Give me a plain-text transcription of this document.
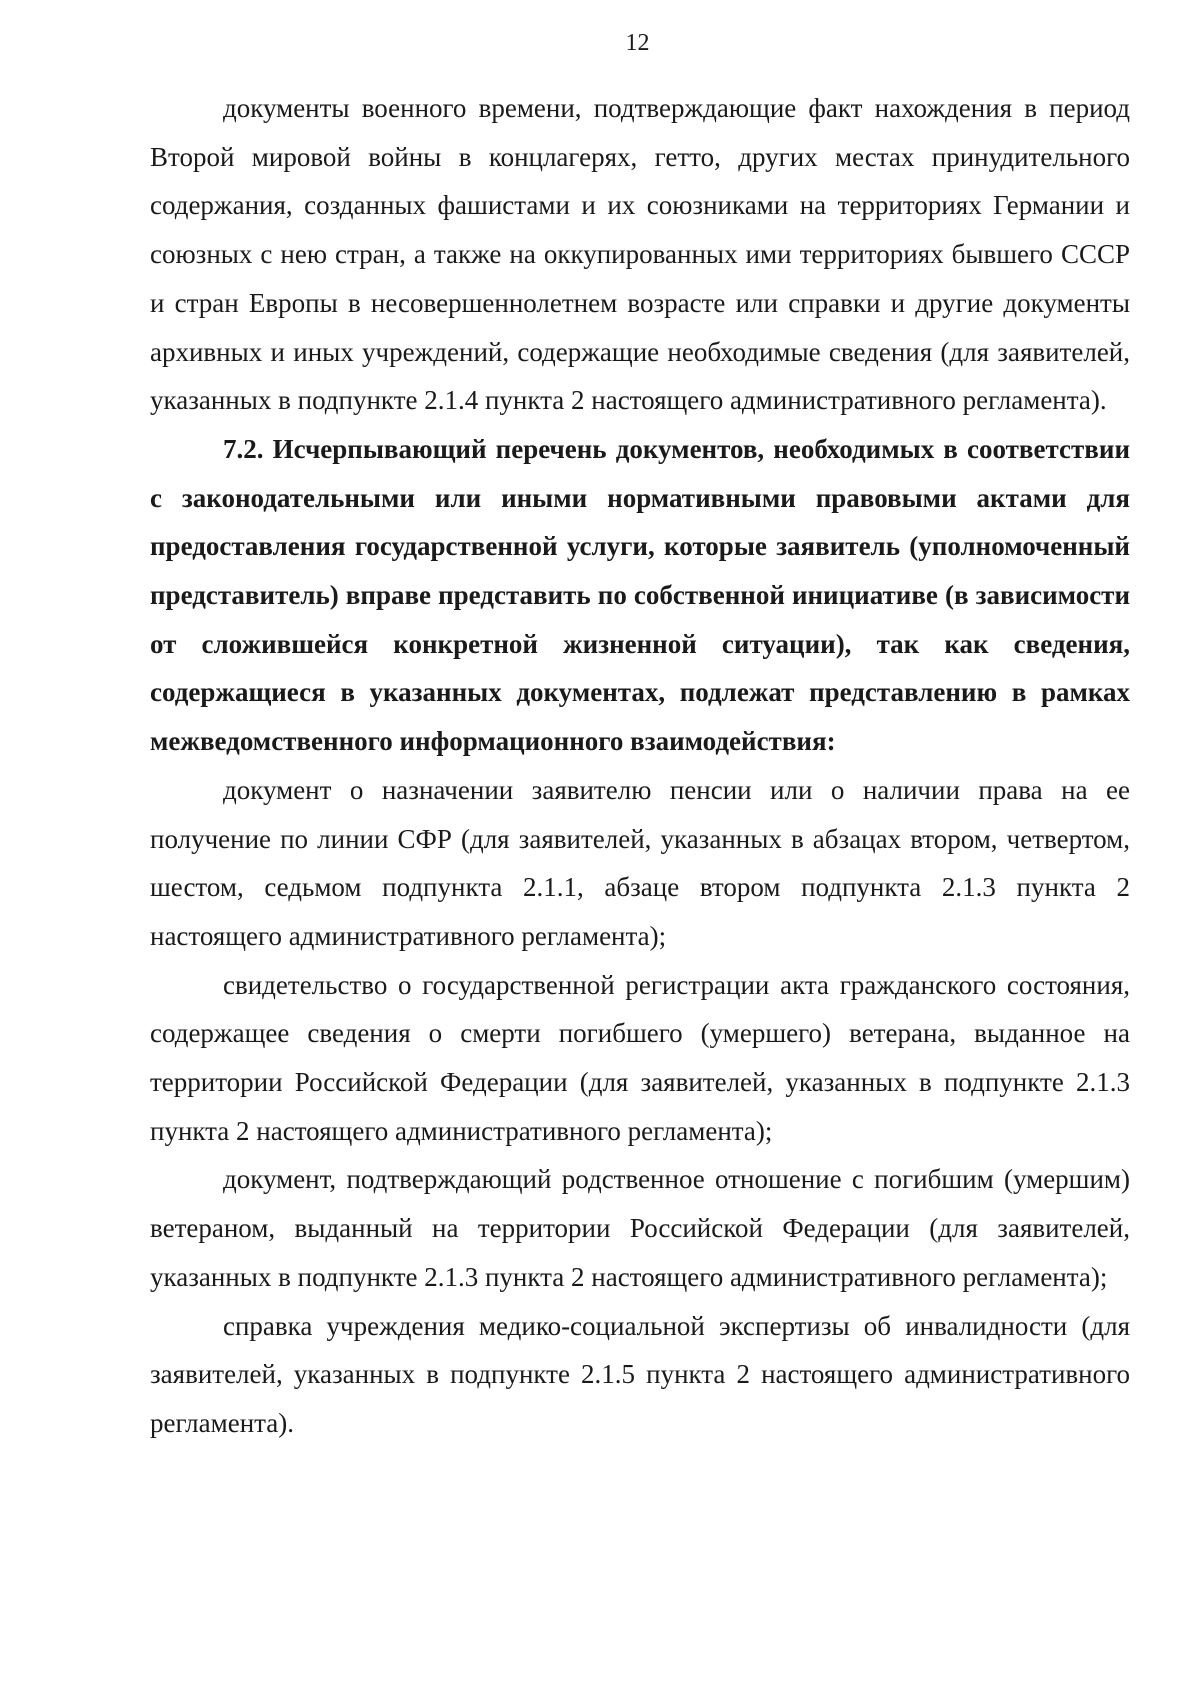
12

документы военного времени, подтверждающие факт нахождения в период Второй мировой войны в концлагерях, гетто, других местах принудительного содержания, созданных фашистами и их союзниками на территориях Германии и союзных с нею стран, а также на оккупированных ими территориях бывшего СССР и стран Европы в несовершеннолетнем возрасте или справки и другие документы архивных и иных учреждений, содержащие необходимые сведения (для заявителей, указанных в подпункте 2.1.4 пункта 2 настоящего административного регламента).

7.2. Исчерпывающий перечень документов, необходимых в соответствии с законодательными или иными нормативными правовыми актами для предоставления государственной услуги, которые заявитель (уполномоченный представитель) вправе представить по собственной инициативе (в зависимости от сложившейся конкретной жизненной ситуации), так как сведения, содержащиеся в указанных документах, подлежат представлению в рамках межведомственного информационного взаимодействия:

документ о назначении заявителю пенсии или о наличии права на ее получение по линии СФР (для заявителей, указанных в абзацах втором, четвертом, шестом, седьмом подпункта 2.1.1, абзаце втором подпункта 2.1.3 пункта 2 настоящего административного регламента);

свидетельство о государственной регистрации акта гражданского состояния, содержащее сведения о смерти погибшего (умершего) ветерана, выданное на территории Российской Федерации (для заявителей, указанных в подпункте 2.1.3 пункта 2 настоящего административного регламента);

документ, подтверждающий родственное отношение с погибшим (умершим) ветераном, выданный на территории Российской Федерации (для заявителей, указанных в подпункте 2.1.3 пункта 2 настоящего административного регламента);

справка учреждения медико-социальной экспертизы об инвалидности (для заявителей, указанных в подпункте 2.1.5 пункта 2 настоящего административного регламента).
